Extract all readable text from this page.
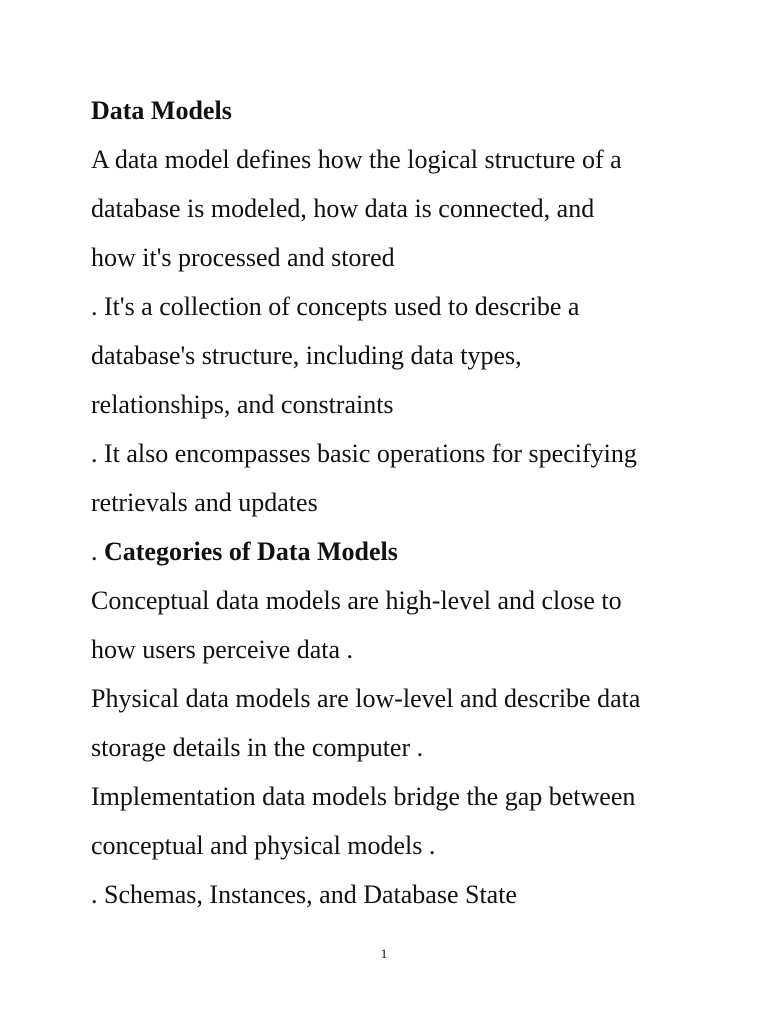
Data Models
A data model defines how the logical structure of a
database is modeled, how data is connected, and
how it's processed and stored
. It's a collection of concepts used to describe a
database's structure, including data types,
relationships, and constraints
. It also encompasses basic operations for specifying
retrievals and updates
. Categories of Data Models
Conceptual data models are high-level and close to
how users perceive data .
Physical data models are low-level and describe data
storage details in the computer .
Implementation data models bridge the gap between
conceptual and physical models .
. Schemas, Instances, and Database State
1
